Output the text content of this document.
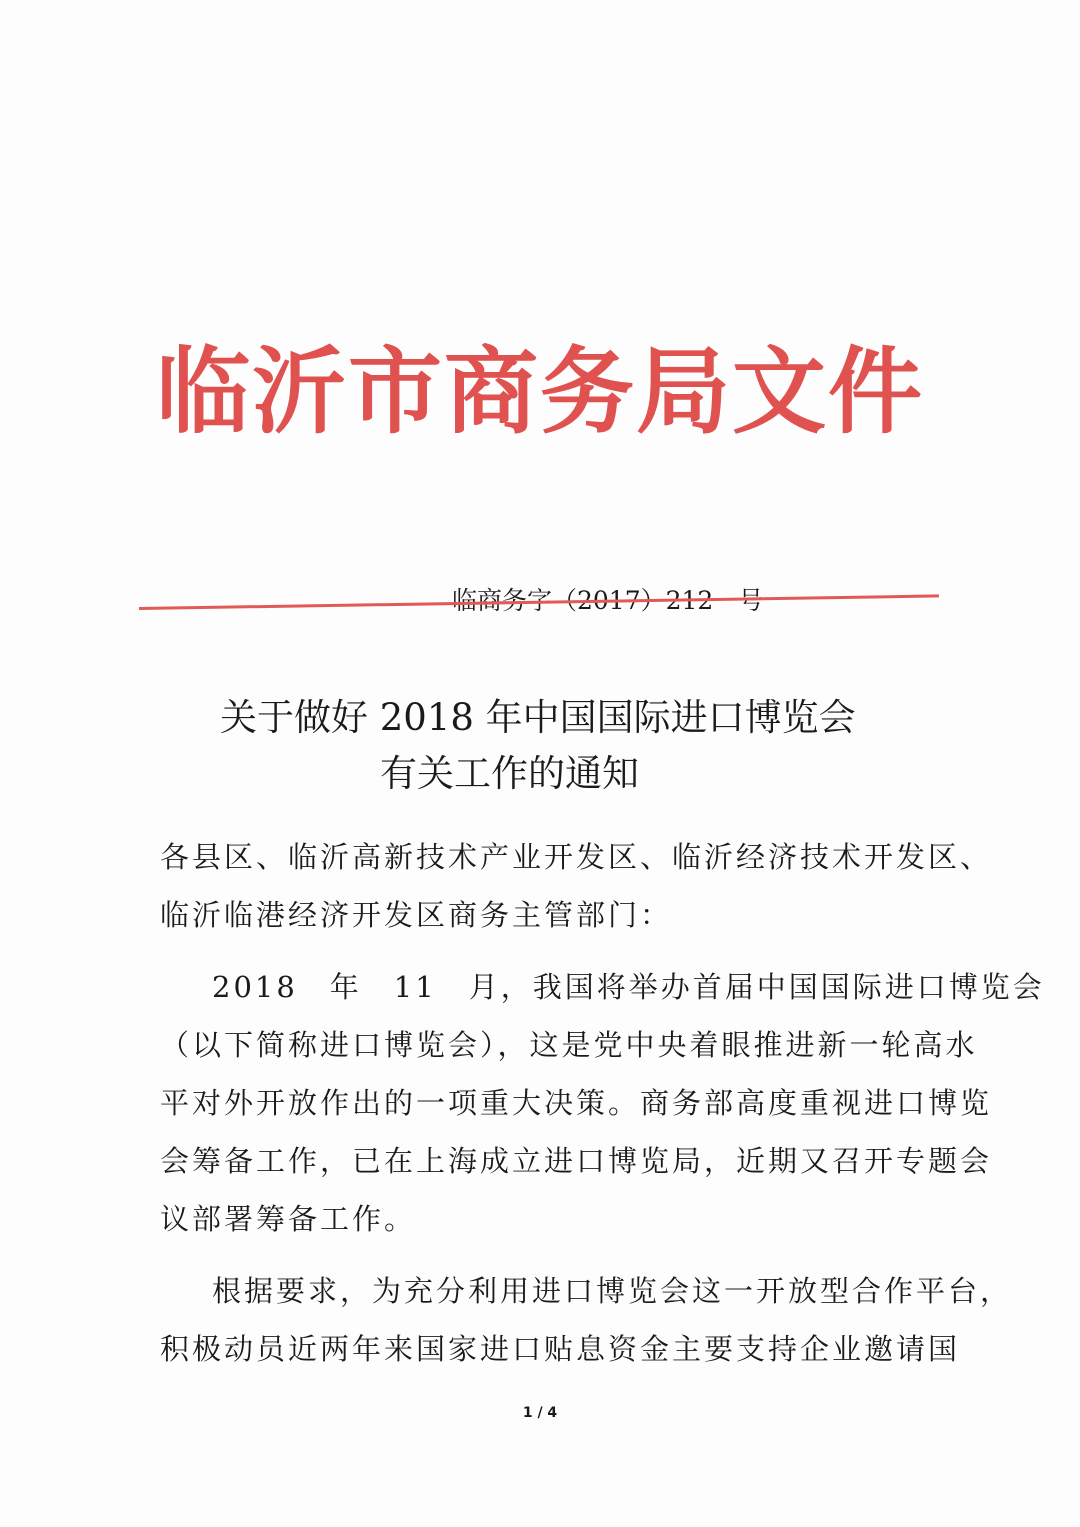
临沂市商务局文件
临商务字（2017）212　号
关于做好 2018 年中国国际进口博览会
有关工作的通知

各县区、临沂高新技术产业开发区、临沂经济技术开发区、

临沂临港经济开发区商务主管部门：

2018　年　11　月，我国将举办首届中国国际进口博览会

（以下简称进口博览会），这是党中央着眼推进新一轮高水

平对外开放作出的一项重大决策。商务部高度重视进口博览

会筹备工作，已在上海成立进口博览局，近期又召开专题会

议部署筹备工作。

根据要求，为充分利用进口博览会这一开放型合作平台，

积极动员近两年来国家进口贴息资金主要支持企业邀请国

1 / 4
